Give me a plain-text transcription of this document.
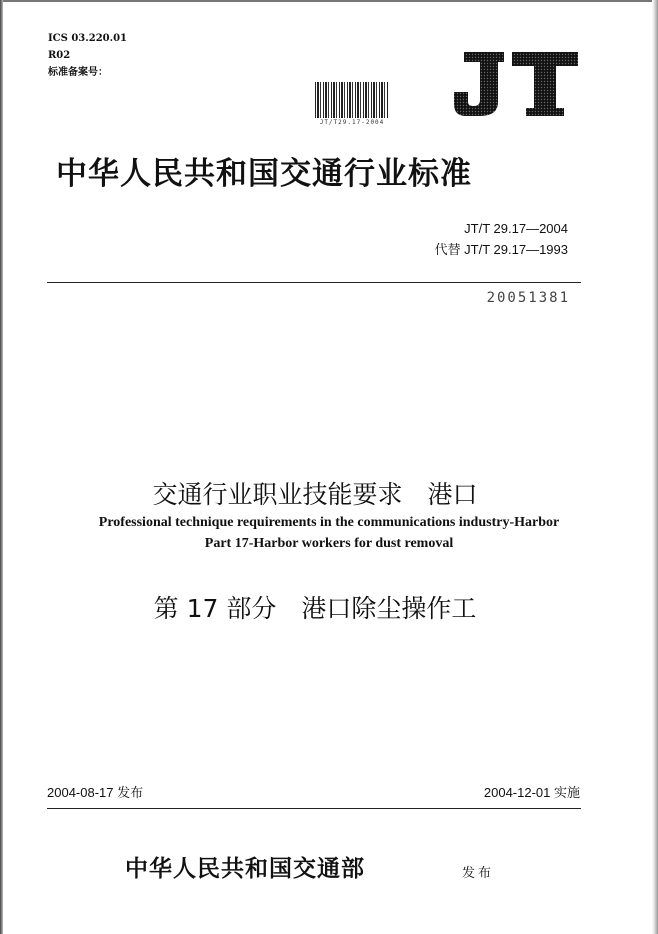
ICS 03.220.01
R02
标准备案号：
JT/T29.17-2004
中华人民共和国交通行业标准
JT/T 29.17—2004
代替 JT/T 29.17—1993
20051381

交通行业职业技能要求　港口

第 17 部分　港口除尘操作工

Professional technique requirements in the communications industry-Harbor
Part 17-Harbor workers for dust removal
2004-08-17 发布	2004-12-01 实施
中华人民共和国交通部	发布
